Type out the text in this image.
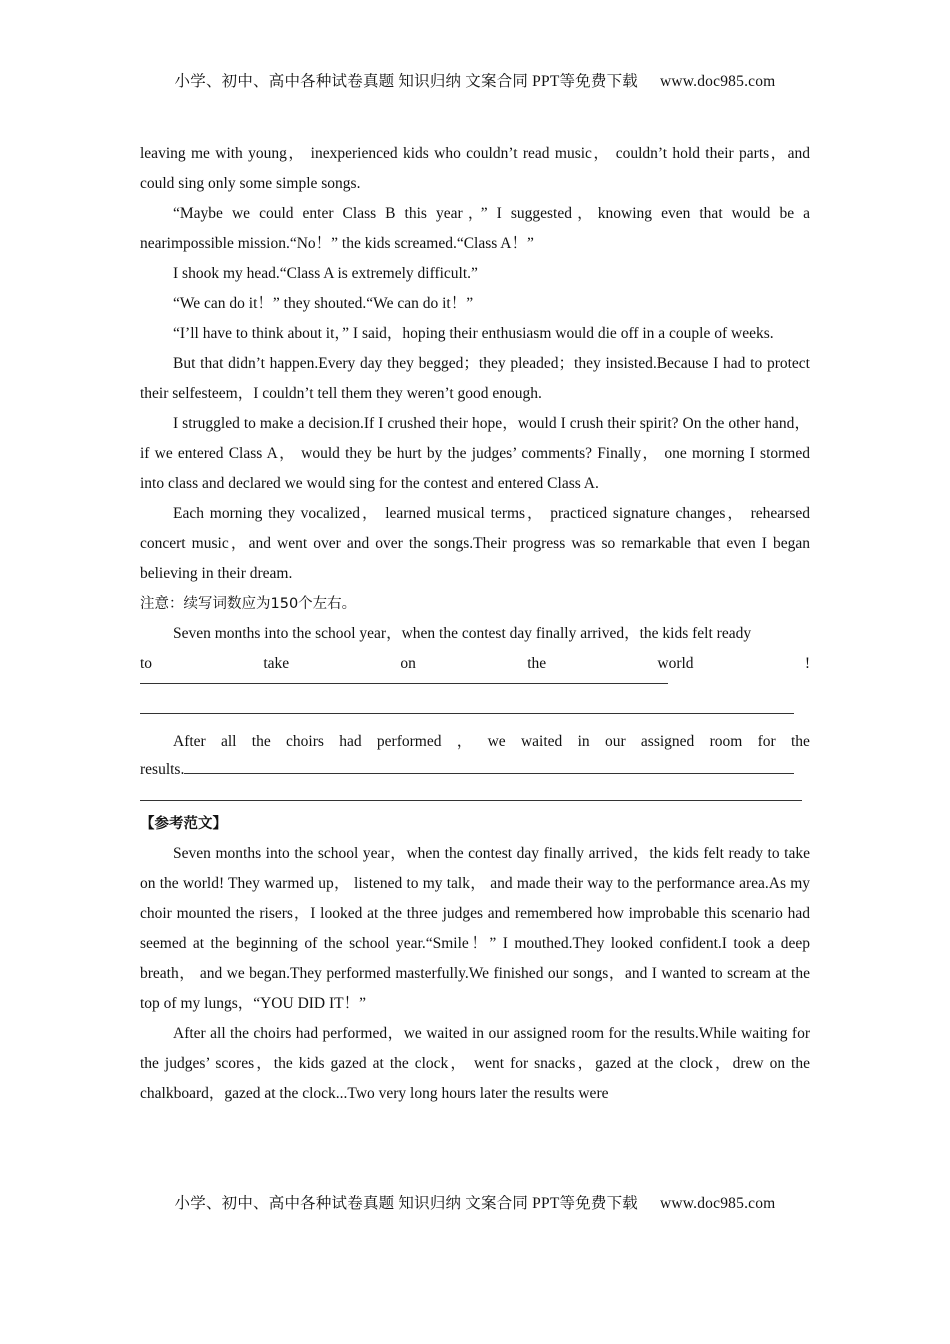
小学、初中、高中各种试卷真题 知识归纳 文案合同 PPT等免费下载 www.doc985.com

leaving me with young， inexperienced kids who couldn’t read music， couldn’t hold their parts，and could sing only some simple songs.

“Maybe we could enter Class B this year，” I suggested，knowing even that would be a nearimpossible mission.“No！” the kids screamed.“Class A！”

I shook my head.“Class A is extremely difficult.”

“We can do it！” they shouted.“We can do it！”

“I’ll have to think about it，” I said，hoping their enthusiasm would die off in a couple of weeks.

But that didn’t happen.Every day they begged；they pleaded；they insisted.Because I had to protect their selfesteem，I couldn’t tell them they weren’t good enough.

I struggled to make a decision.If I crushed their hope，would I crush their spirit? On the other hand， if we entered Class A， would they be hurt by the judges’ comments? Finally， one morning I stormed into class and declared we would sing for the contest and entered Class A.

Each morning they vocalized， learned musical terms， practiced signature changes， rehearsed concert music，and went over and over the songs.Their progress was so remarkable that even I began believing in their dream.

注意：续写词数应为150个左右。

Seven months into the school year，when the contest day finally arrived，the kids felt ready

to	take	on	the	world	!
After all the choirs had performed ， we waited in our assigned room for the

results.

【参考范文】

Seven months into the school year，when the contest day finally arrived，the kids felt ready to take on the world! They warmed up， listened to my talk， and made their way to the performance area.As my choir mounted the risers，I looked at the three judges and remembered how improbable this scenario had seemed at the beginning of the school year.“Smile！” I mouthed.They looked confident.I took a deep breath， and we began.They performed masterfully.We finished our songs，and I wanted to scream at the top of my lungs，“YOU DID IT！”

After all the choirs had performed，we waited in our assigned room for the results.While waiting for the judges’ scores，the kids gazed at the clock， went for snacks，gazed at the clock，drew on the chalkboard，gazed at the clock...Two very long hours later the results were

小学、初中、高中各种试卷真题 知识归纳 文案合同 PPT等免费下载 www.doc985.com
